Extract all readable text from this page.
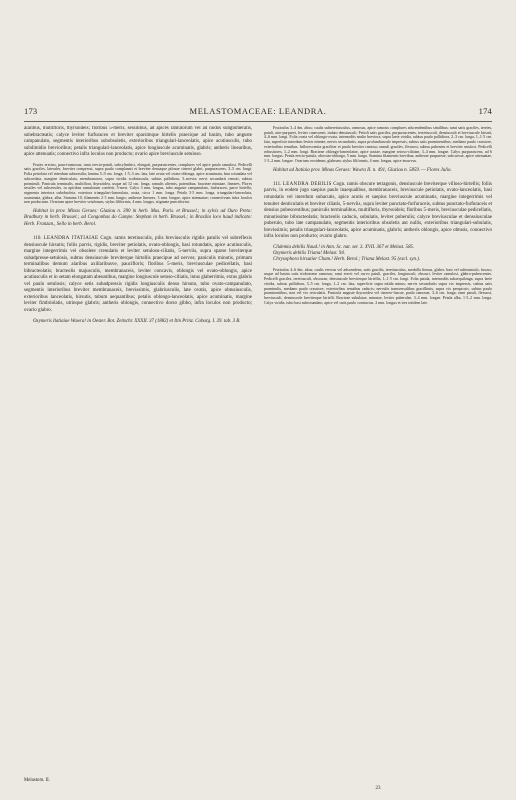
173	MELASTOMACEAE: LEANDRA.	174

alaribus, multifloris, thyrsoideis; floribus 5-meris, sessilibus, ad apices ramulorum vel ad nodos subglomeratis, subebracteatis; calyce leviter furfuraceo et breviter sparsimque hirtello praecique ad basim, tubo anguste campanulato, segmentis interioribus subobsoletis, exterioribus triangulari-lanceolatis, apice acutiusculis, tubo subdimidio brevioribus; petalis triangulari-lanceolatis, apice longiuscule acuminatis, glabris; antheris linearibus, apice attenuatis; connectivo infra loculos non producto; ovario apice breviuscule setuloso.

Frutex erectus, pauci-ramosus; rami erecto-patuli, subcylindrici, elongati, purpurascentes, complures vel apice paulo ramulosi. Pedicelli satis graciles, laterales, breviter compressi, supra paulo complanati et breviter densaque pilosae cinerei glabri, purpurascens, 3–5 cm. longi. Folia petiolata vel interdum subsessilia; lamina 5–9 cm. longa, 1·5–3 cm. lata, late ovata vel ovato-oblonga, apice acuminata, basi rotundata vel subcordata, margine denticulata, membranacea, supra viridia scabriuscula, subtus pallidiora, 5–nervia; nervi secundarii remoti, subtus prominuli. Panicula terminalis, multiflora, thyrsoidea, usque ad 12 cm. longa, ramulis alternis, patentibus; bracteae minutae, lineares. Flores sessiles vel subsessiles, in apicibus ramulorum conferti, 5-meri. Calyx 3 mm. longus, tubo anguste campanulato, furfuraceo, parce hirtello; segmenta interiora subobsoleta, exteriora triangulari-lanceolata, acuta, circa 1 mm. longa. Petala 3·5 mm. longa, triangulari-lanceolata, acuminata, glabra, alba. Stamina 10, filamentis 2·5 mm. longis; antherae lineares, 3 mm. longae, apice attenuatae; connectivum infra loculos non productum. Ovarium apice breviter setulosum, stylus filiformis, 4 mm. longus, stigmate punctiformi.

Habitat in prov. Minas Geraes: Glaziou n. 390 in herb. Mus. Paris. et Brussel.; in sylvis ad Ouro Preto: Bradbury in herb. Brussel.; ad Congonhas do Campo: Stephan in herb. Brussel.; in Brasilia loco haud indicato: Herb. Franzan., Sello in herb. Berol.

110. LEANDRA ITATIAIAE Cogn. ramis teretiusculis, pilis breviusculis rigidis patulis vel subreflexis densiuscule hirsutis; foliis parvis, rigidis, breviter petiolatis, ovato-oblongis, basi rotundatis, apice acutiusculis, margine integerrimis vel obsolete crenulatis et leviter setuloso-ciliatis, 5-nerviis, supra sparse breviterque subadpresse-setulosis, subtus densiuscule breviterque hirtellis praecipue ad nervos; paniculis minutis, primum terminalibus demum alaribus axillaribusve, paucifloris; floribus 5-meris, breviusculae pedicellatis, basi bibracteolatis; bracteolis majusculis, membranaceis, leviter concavis, oblongis vel ovato-oblongis, apice acutiusculis et in setam elongatam abeuntibus, margine longiuscule setoso-ciliatis, intus glaberrimis, extus glabris vel paulo setulosis; calyce setis subadpressis rigidis longiusculis denso hirsuto, tubo ovato-campanulato, segmentis interioribus breviter membranaceis, brevissimis, glabriusculis, late ovatis, apice obtusiusculis, exterioribus lanceolatis, hirsutis, tubum aequantibus; petalis oblongo-lanceolatis, apice acuminatis, margine leviter fimbriolatis, utrinque glabris; antheris oblongis, connectivo dorso gibbo, infra loculos non producto; ovario glabro.

Oxymeris Itatiaiae Wawra! in Oester. Bot. Zeitschr. XXXII. 37 (1882) et Itin Prinz. Coburg. I. 39. tab. 3 B.

Fruticulus 3–4 dm. altus; caulis subteretiusculus, ramosus, apice ramosis complures adscendentibus similibus; rami satis graciles, teretes, patuli, atro-purpurei, leviter canescenti, induto densiusculi. Petioli satis graciles, purpurascentes, terretiusculi, densiusculi et breviuscule hirsuti, 4–6 mm. longi. Folia ovata vel oblongo-ovata, internodiis multo breviora, supra laete viridia, subtus paulo pallidiora, 2–3 cm. longa, 1–1·5 cm. lata, superficie interdum leviter nitente; nervis secundariis, supra profundiuscule impressis, subtus satis prominentibus, mediano paulo crassiore, exterioribus tenuibus. Inflorescentia graciliter et paulo breviter ramosa; ramuli graciles, flexuosi, subtus pubentes et breviter setulosi. Pedicelli robustiores, 1–2 mm. longi. Bracteae oblongo-lanceolatae, apice acutae, margine setoso-ciliatae, 3–4 mm. longae. Calyx purpurascens, ad 6 mm. longus. Petala erecto-patula, obovato-oblonga, 5 mm. longa. Stamina filamentis brevibus; antherae purpureae, subcurvae, apice attenuatae, 1·5–2 mm. longae. Ovarium ovoideum, glabrum; stylus filiformis, 4 mm. longus, apice incurvus.

Habitat ad Itatiaia prov. Minas Geraes: Wawra II. n. 491, Glaziou n. 5859. — Flores Julio.

111. LEANDRA DEBILIS Cogn. ramis obscure tetragonis, densiuscule breviterque villoso-hirtellis; foliis parvis, in eodem jugo saepius paulo inaequalibus, membranaceis, breviuscule petiolatis, ovato-lanceolatis, basi rotundatis vel interdum subacutis, apice acutis et saepius breviuscule acuminatis, margine integerrimis vel tenuiter denticulatis et breviter ciliatis, 5-nerviis, supra leviter punctato-furfuraceis, subtus punctato-furfuraceis et densius pubescentibus; paniculis terminalibus, multifloris, thyrsoideis; floribus 5-meris, breviusculae pedicellatis, minutissime bibracteolatis; bracteolis caducis, subulatis, leviter puberulis; calyce breviusculae et denssiusculae puberulo, tubo late campanulato, segmentis interioribus obsoletis aut nullis, exterioribus triangulari-subulatis, brevissimis; petalis triangulari-lanceolatis, apice acuminatis, glabris; antheris oblongis, apice obtusis, connectivo infra loculos non producto; ovario glabro.

Clidemia debilis Naud.! in Ann. Sc. nat. ser. 3. XVII. 367 et Melast. 585.

Oxymeris debilis Triana! Melast. 94.

Chrysophora hirsutior Cham.! Herb. Berol.; Triana Melast. 95 (excl. syn.).

Fruticulus 4–6 dm. altus; caulis erectus vel adscendens, satis gracilis, teretiusculus, medulla firmus, glaber, basi vel subtrunculo, fuscus; usque ad basim satis trichotome ramosus; rami erecti vel curvo patuli, graciles, longiusculi, obscuri, leviter ramulosi, glabro-pubescentes. Pedicelli graciles, teretiusculi, obscurae, densiuscule breviterque hirtellis, 1–1·5 cm. longi. Folia patula, internodiis subaequilonga, supra laete viridia, subtus pallidiora, 3–5 cm. longa, 1–2 cm. lata, superficie supra nitida minus; nervis secundariis supra vix impressis, subtus satis prominulis, mediano paulo crassiore, exterioribus tenuibus caducis; nervulis transversalibus gracillimis, supra vix perspicuis, subtus paulo prominentibus, non vel vix reticulatis. Panicula anguste thyrsoidea vel cinereo-fuscae, paulo ramosae, 3–6 cm. longa; rami patuli, flexuosi, breviusculi, densiuscule breviterque hirtelli. Bracteae subulatae, minutae, leviter puberulae, 3–4 mm. longae. Petala alba, 1·5–2 mm. longa. Calyx viridis, tubo basi subrotundato, apice vel satis paulo contractus. 2 mm. longus et tres totidem late.

Melastom. II.
23
